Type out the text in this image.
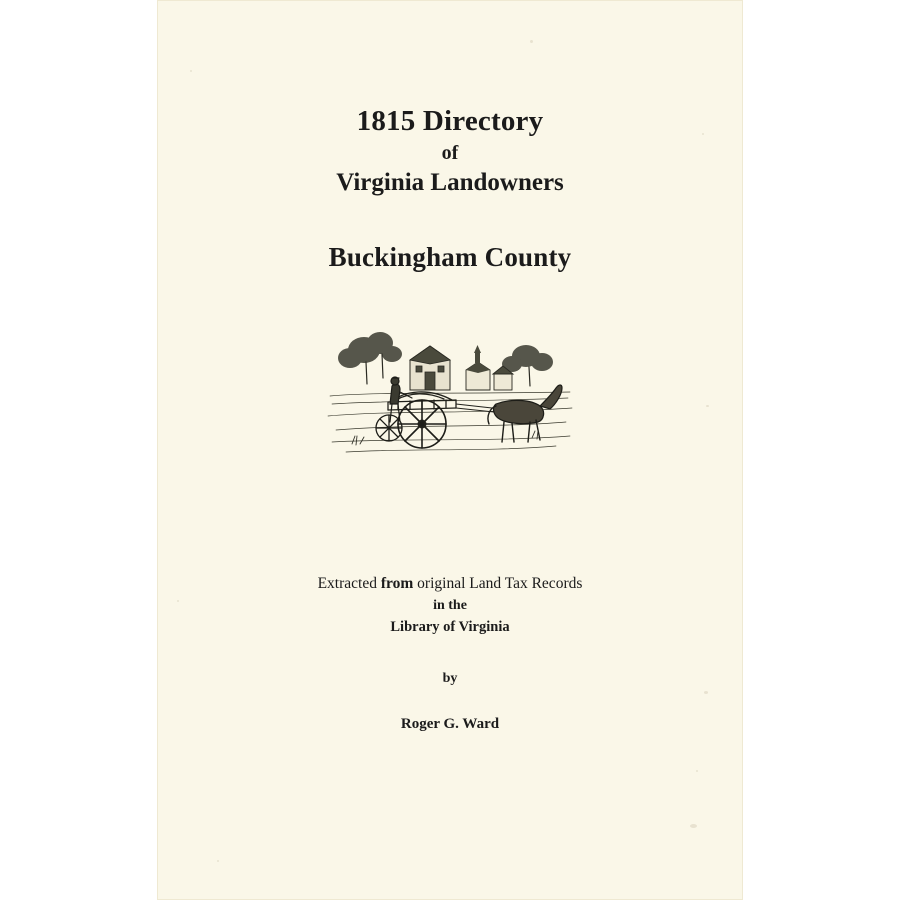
1815 Directory
of
Virginia Landowners
Buckingham County
Extracted from original Land Tax Records
in the
Library of Virginia
by
Roger G. Ward
